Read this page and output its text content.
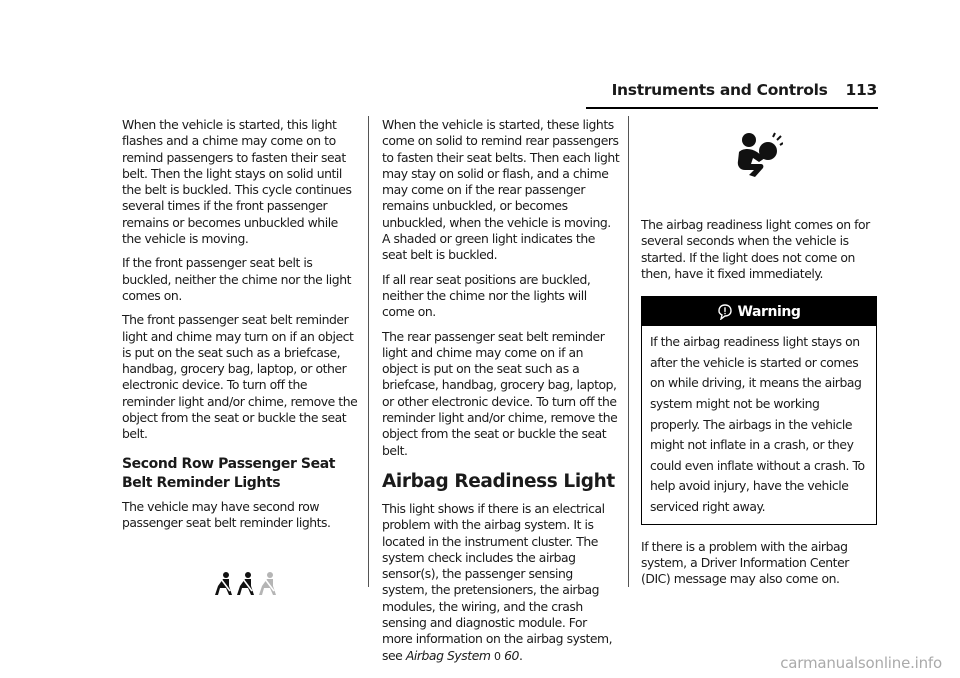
Instruments and Controls 113

When the vehicle is started, this light flashes and a chime may come on to remind passengers to fasten their seat belt. Then the light stays on solid until the belt is buckled. This cycle continues several times if the front passenger remains or becomes unbuckled while the vehicle is moving.

If the front passenger seat belt is buckled, neither the chime nor the light comes on.

The front passenger seat belt reminder light and chime may turn on if an object is put on the seat such as a briefcase, handbag, grocery bag, laptop, or other electronic device. To turn off the reminder light and/or chime, remove the object from the seat or buckle the seat belt.

Second Row Passenger Seat Belt Reminder Lights

The vehicle may have second row passenger seat belt reminder lights.

When the vehicle is started, these lights come on solid to remind rear passengers to fasten their seat belts. Then each light may stay on solid or flash, and a chime may come on if the rear passenger remains unbuckled, or becomes unbuckled, when the vehicle is moving. A shaded or green light indicates the seat belt is buckled.

If all rear seat positions are buckled, neither the chime nor the lights will come on.

The rear passenger seat belt reminder light and chime may come on if an object is put on the seat such as a briefcase, handbag, grocery bag, laptop, or other electronic device. To turn off the reminder light and/or chime, remove the object from the seat or buckle the seat belt.

Airbag Readiness Light

This light shows if there is an electrical problem with the airbag system. It is located in the instrument cluster. The system check includes the airbag sensor(s), the passenger sensing system, the pretensioners, the airbag modules, the wiring, and the crash sensing and diagnostic module. For more information on the airbag system, see Airbag System 0 60.

The airbag readiness light comes on for several seconds when the vehicle is started. If the light does not come on then, have it fixed immediately.

Warning
If the airbag readiness light stays on after the vehicle is started or comes on while driving, it means the airbag system might not be working properly. The airbags in the vehicle might not inflate in a crash, or they could even inflate without a crash. To help avoid injury, have the vehicle serviced right away.

If there is a problem with the airbag system, a Driver Information Center (DIC) message may also come on.

carmanualsonline.info
